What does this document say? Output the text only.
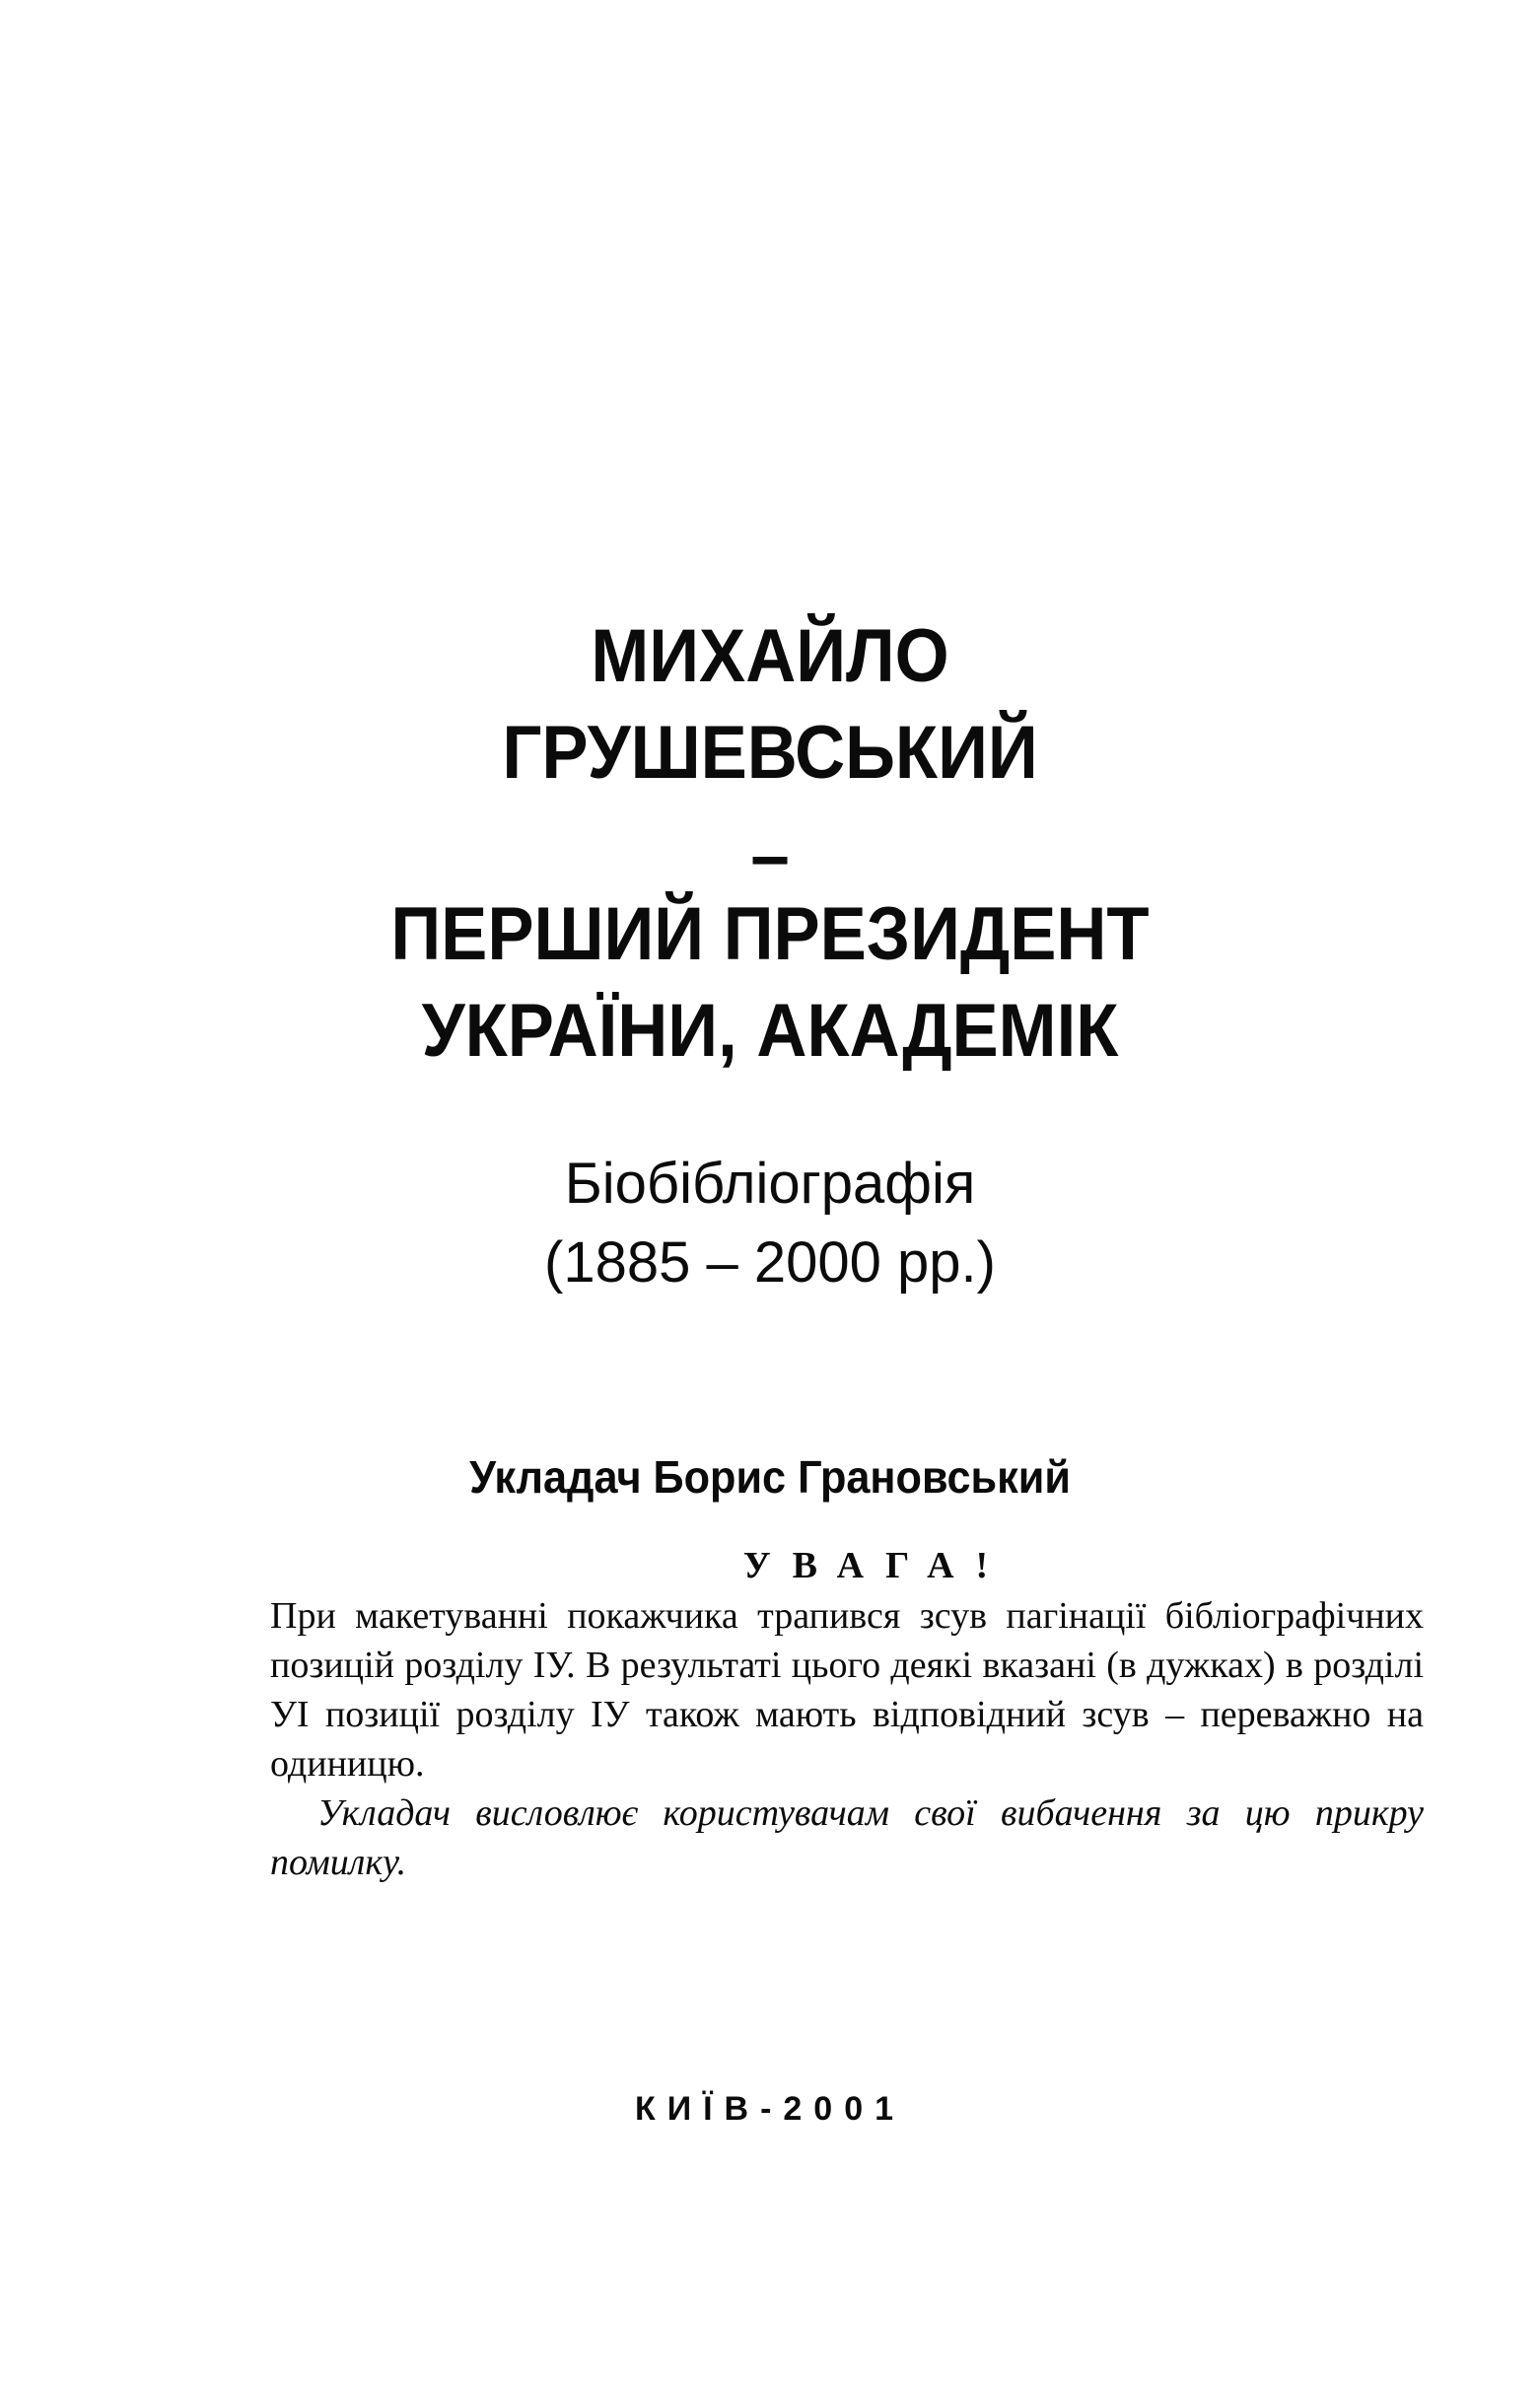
МИХАЙЛО
ГРУШЕВСЬКИЙ
–
ПЕРШИЙ ПРЕЗИДЕНТ
УКРАЇНИ, АКАДЕМІК
Біобібліографія
(1885 – 2000 рр.)
Укладач Борис Грановський
УВАГА!

При макетуванні покажчика трапився зсув пагінації бібліографічних позицій розділу ІУ. В результаті цього деякі вказані (в дужках) в розділі УІ позиції розділу ІУ також мають відповідний зсув – переважно на одиницю.

Укладач висловлює користувачам свої вибачення за цю прикру помилку.

КИЇВ-2001
